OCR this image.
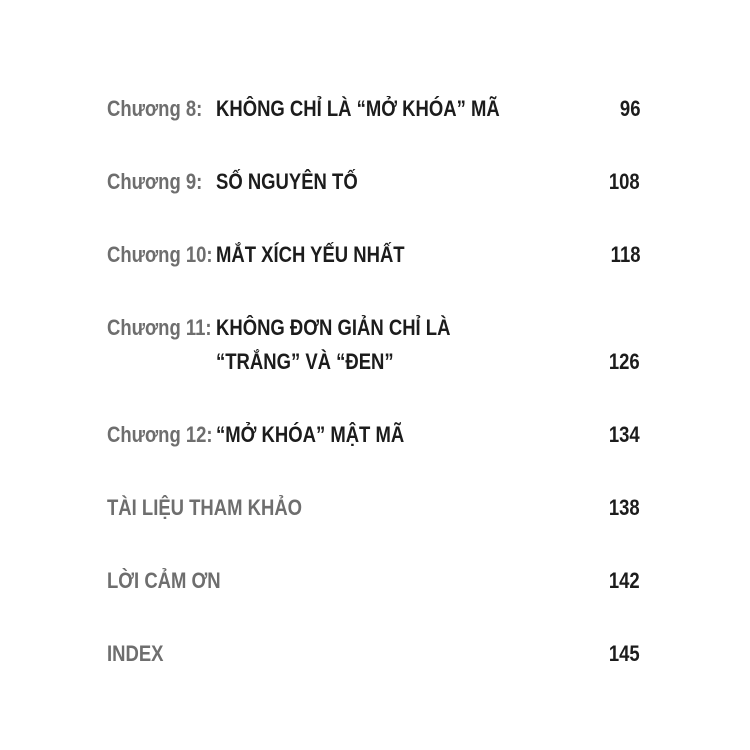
Chương 8: KHÔNG CHỈ LÀ “MỞ KHÓA” MÃ	96
Chương 9: SỐ NGUYÊN TỐ	108
Chương 10: MẮT XÍCH YẾU NHẤT	118
Chương 11: KHÔNG ĐƠN GIẢN CHỈ LÀ
“TRẮNG” VÀ “ĐEN”	126
Chương 12: “MỞ KHÓA” MẬT MÃ	134
TÀI LIỆU THAM KHẢO	138
LỜI CẢM ƠN	142
INDEX	145
